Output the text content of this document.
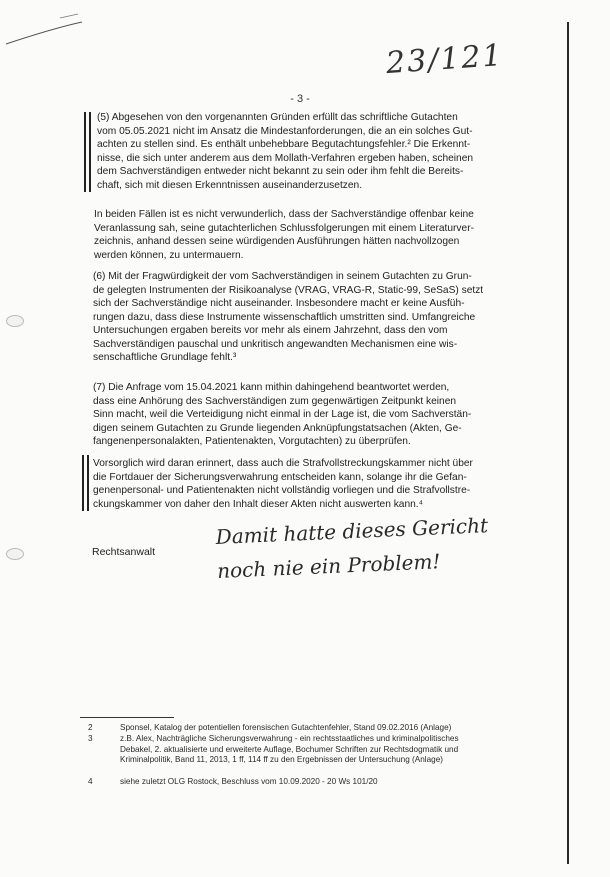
23/121
- 3 -
(5) Abgesehen von den vorgenannten Gründen erfüllt das schriftliche Gutachten
vom 05.05.2021 nicht im Ansatz die Mindestanforderungen, die an ein solches Gut-
achten zu stellen sind. Es enthält unbehebbare Begutachtungsfehler.² Die Erkennt-
nisse, die sich unter anderem aus dem Mollath-Verfahren ergeben haben, scheinen
dem Sachverständigen entweder nicht bekannt zu sein oder ihm fehlt die Bereits-
chaft, sich mit diesen Erkenntnissen auseinanderzusetzen.
In beiden Fällen ist es nicht verwunderlich, dass der Sachverständige offenbar keine
Veranlassung sah, seine gutachterlichen Schlussfolgerungen mit einem Literaturver-
zeichnis, anhand dessen seine würdigenden Ausführungen hätten nachvollzogen
werden können, zu untermauern.
(6) Mit der Fragwürdigkeit der vom Sachverständigen in seinem Gutachten zu Grun-
de gelegten Instrumenten der Risikoanalyse (VRAG, VRAG-R, Static-99, SeSaS) setzt
sich der Sachverständige nicht auseinander. Insbesondere macht er keine Ausfüh-
rungen dazu, dass diese Instrumente wissenschaftlich umstritten sind. Umfangreiche
Untersuchungen ergaben bereits vor mehr als einem Jahrzehnt, dass den vom
Sachverständigen pauschal und unkritisch angewandten Mechanismen eine wis-
senschaftliche Grundlage fehlt.³
(7) Die Anfrage vom 15.04.2021 kann mithin dahingehend beantwortet werden,
dass eine Anhörung des Sachverständigen zum gegenwärtigen Zeitpunkt keinen
Sinn macht, weil die Verteidigung nicht einmal in der Lage ist, die vom Sachverstän-
digen seinem Gutachten zu Grunde liegenden Anknüpfungstatsachen (Akten, Ge-
fangenenpersonalakten, Patientenakten, Vorgutachten) zu überprüfen.
Vorsorglich wird daran erinnert, dass auch die Strafvollstreckungskammer nicht über
die Fortdauer der Sicherungsverwahrung entscheiden kann, solange ihr die Gefan-
genenpersonal- und Patientenakten nicht vollständig vorliegen und die Strafvollstre-
ckungskammer von daher den Inhalt dieser Akten nicht auswerten kann.⁴
Rechtsanwalt
Damit hatte dieses Gericht
noch nie ein Problem!
2	Sponsel, Katalog der potentiellen forensischen Gutachtenfehler, Stand 09.02.2016 (Anlage)
3	z.B. Alex, Nachträgliche Sicherungsverwahrung - ein rechtsstaatliches und kriminalpolitisches
Debakel, 2. aktualisierte und erweiterte Auflage, Bochumer Schriften zur Rechtsdogmatik und
Kriminalpolitik, Band 11, 2013, 1 ff, 114 ff zu den Ergebnissen der Untersuchung (Anlage)
4	siehe zuletzt OLG Rostock, Beschluss vom 10.09.2020 - 20 Ws 101/20
